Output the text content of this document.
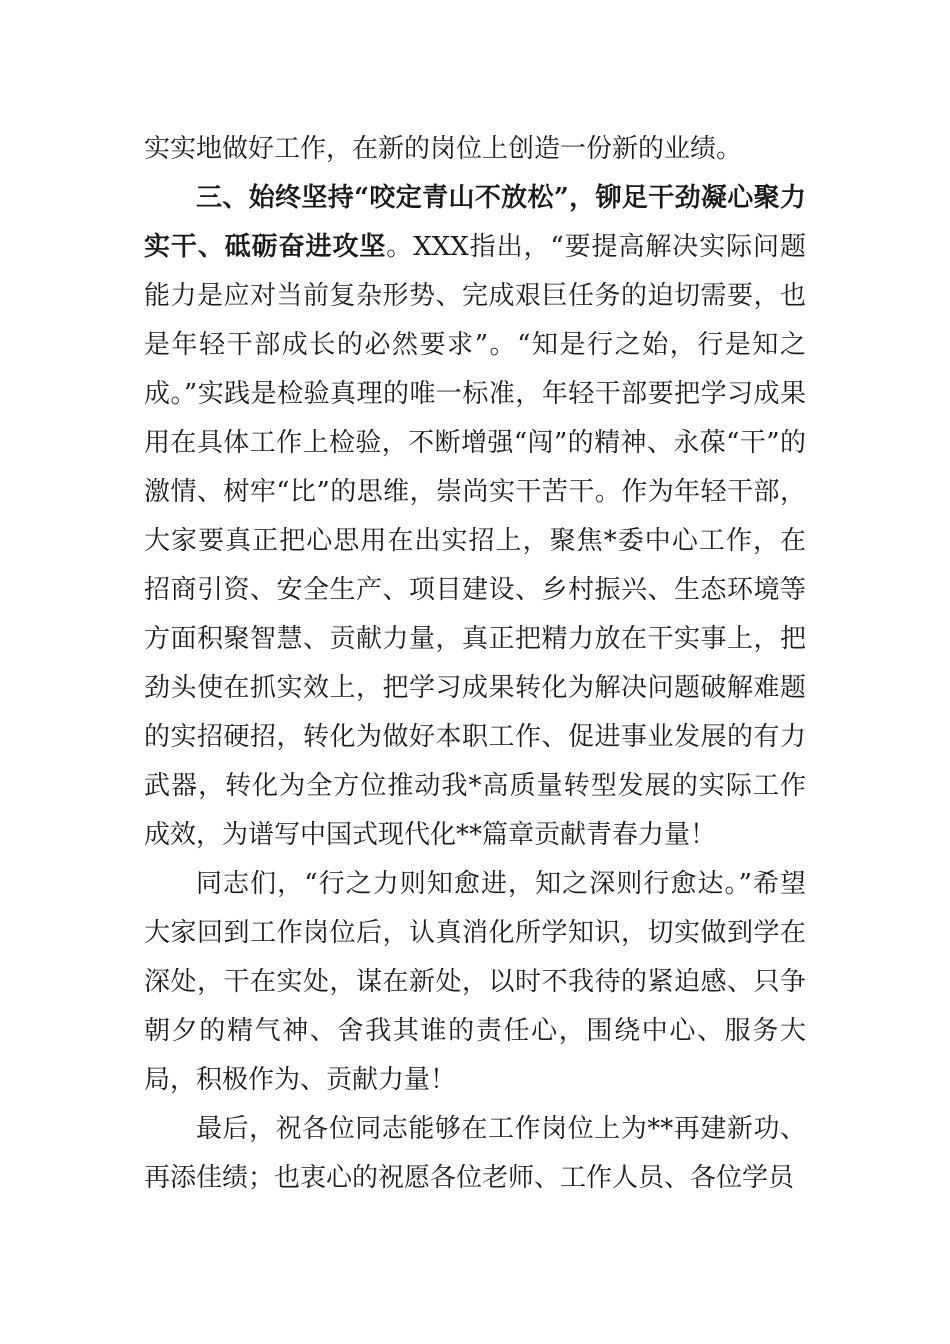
实实地做好工作，在新的岗位上创造一份新的业绩。

三、始终坚持“咬定青山不放松”，铆足干劲凝心聚力实干、砥砺奋进攻坚。XXX指出，“要提高解决实际问题能力是应对当前复杂形势、完成艰巨任务的迫切需要，也是年轻干部成长的必然要求”。“知是行之始，行是知之成。”实践是检验真理的唯一标准，年轻干部要把学习成果用在具体工作上检验，不断增强“闯”的精神、永葆“干”的激情、树牢“比”的思维，崇尚实干苦干。作为年轻干部，大家要真正把心思用在出实招上，聚焦*委中心工作，在招商引资、安全生产、项目建设、乡村振兴、生态环境等方面积聚智慧、贡献力量，真正把精力放在干实事上，把劲头使在抓实效上，把学习成果转化为解决问题破解难题的实招硬招，转化为做好本职工作、促进事业发展的有力武器，转化为全方位推动我*高质量转型发展的实际工作成效，为谱写中国式现代化**篇章贡献青春力量！

同志们，“行之力则知愈进，知之深则行愈达。”希望大家回到工作岗位后，认真消化所学知识，切实做到学在深处，干在实处，谋在新处，以时不我待的紧迫感、只争朝夕的精气神、舍我其谁的责任心，围绕中心、服务大局，积极作为、贡献力量！

最后，祝各位同志能够在工作岗位上为**再建新功、再添佳绩；也衷心的祝愿各位老师、工作人员、各位学员
